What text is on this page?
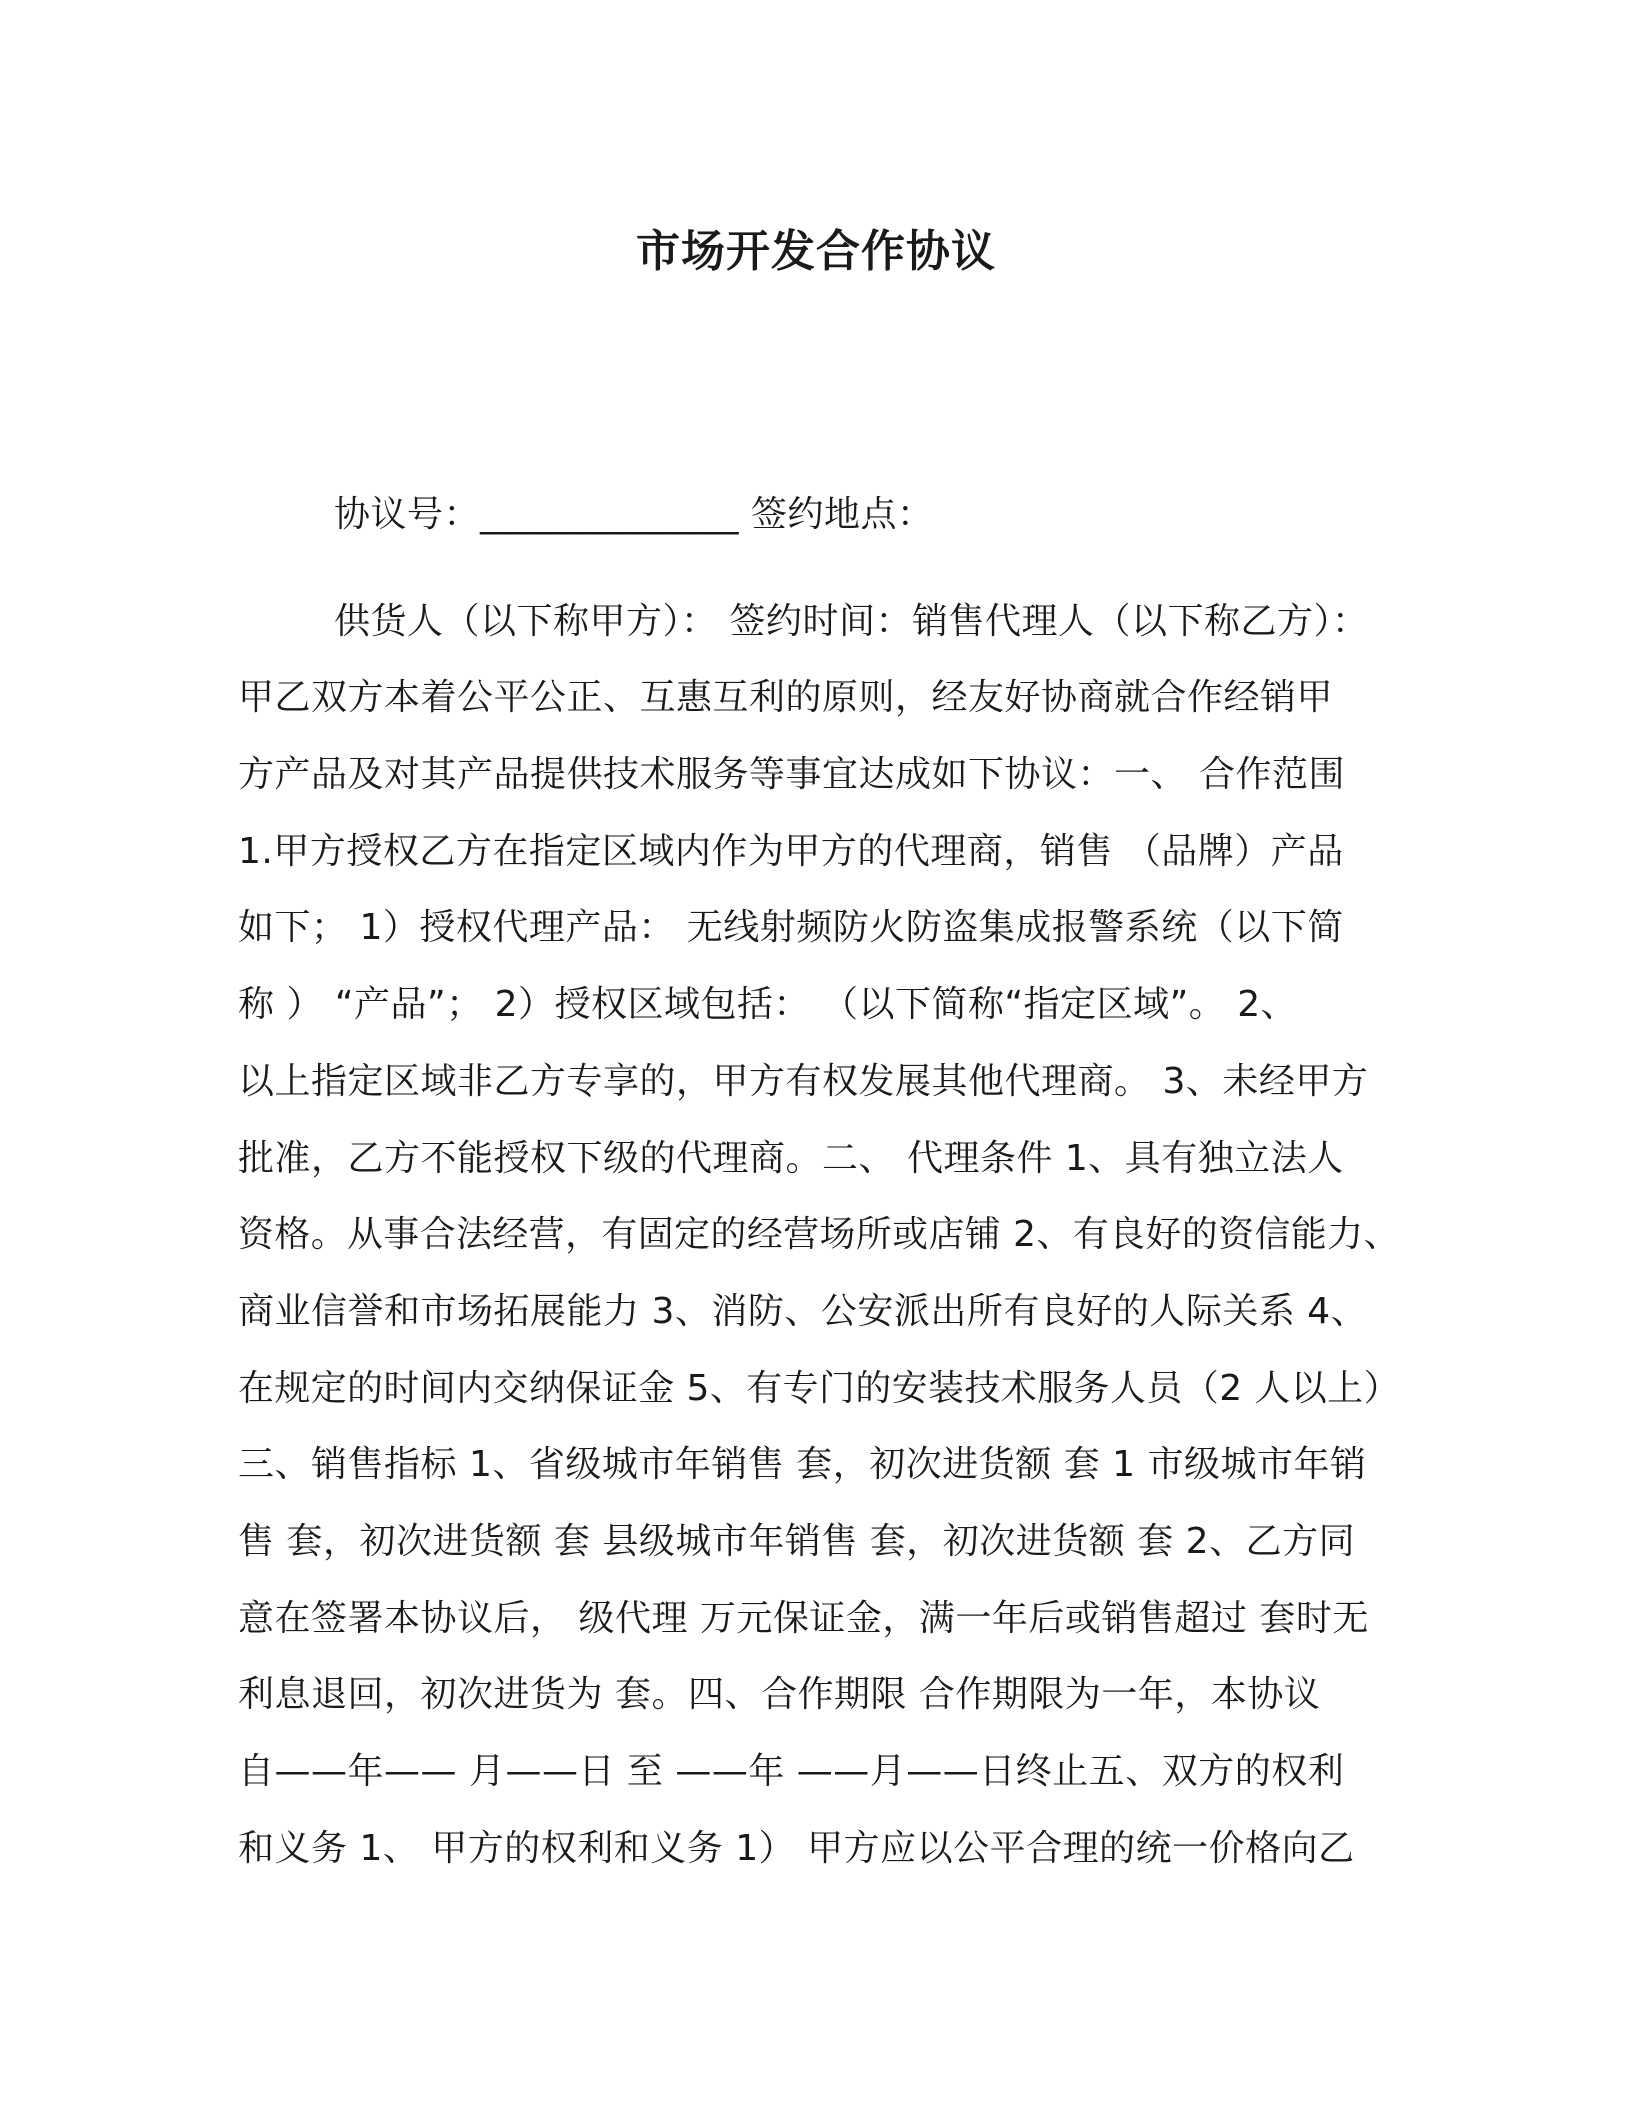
市场开发合作协议
协议号：______________ 签约地点：
供货人（以下称甲方）： 签约时间：销售代理人（以下称乙方）：
甲乙双方本着公平公正、互惠互利的原则，经友好协商就合作经销甲
方产品及对其产品提供技术服务等事宜达成如下协议：一、 合作范围
1.甲方授权乙方在指定区域内作为甲方的代理商，销售 （品牌）产品
如下； 1）授权代理产品： 无线射频防火防盗集成报警系统（以下简
称 ） “产品”； 2）授权区域包括： （以下简称“指定区域”。 2、
以上指定区域非乙方专享的，甲方有权发展其他代理商。 3、未经甲方
批准，乙方不能授权下级的代理商。二、 代理条件 1、具有独立法人
资格。从事合法经营，有固定的经营场所或店铺 2、有良好的资信能力、
商业信誉和市场拓展能力 3、消防、公安派出所有良好的人际关系 4、
在规定的时间内交纳保证金 5、有专门的安装技术服务人员（2 人以上）
三、销售指标 1、省级城市年销售 套，初次进货额 套 1 市级城市年销
售 套，初次进货额 套 县级城市年销售 套，初次进货额 套 2、乙方同
意在签署本协议后， 级代理 万元保证金，满一年后或销售超过 套时无
利息退回，初次进货为 套。四、合作期限 合作期限为一年，本协议
自——年—— 月——日 至 ——年 ——月——日终止五、双方的权利
和义务 1、 甲方的权利和义务 1） 甲方应以公平合理的统一价格向乙
